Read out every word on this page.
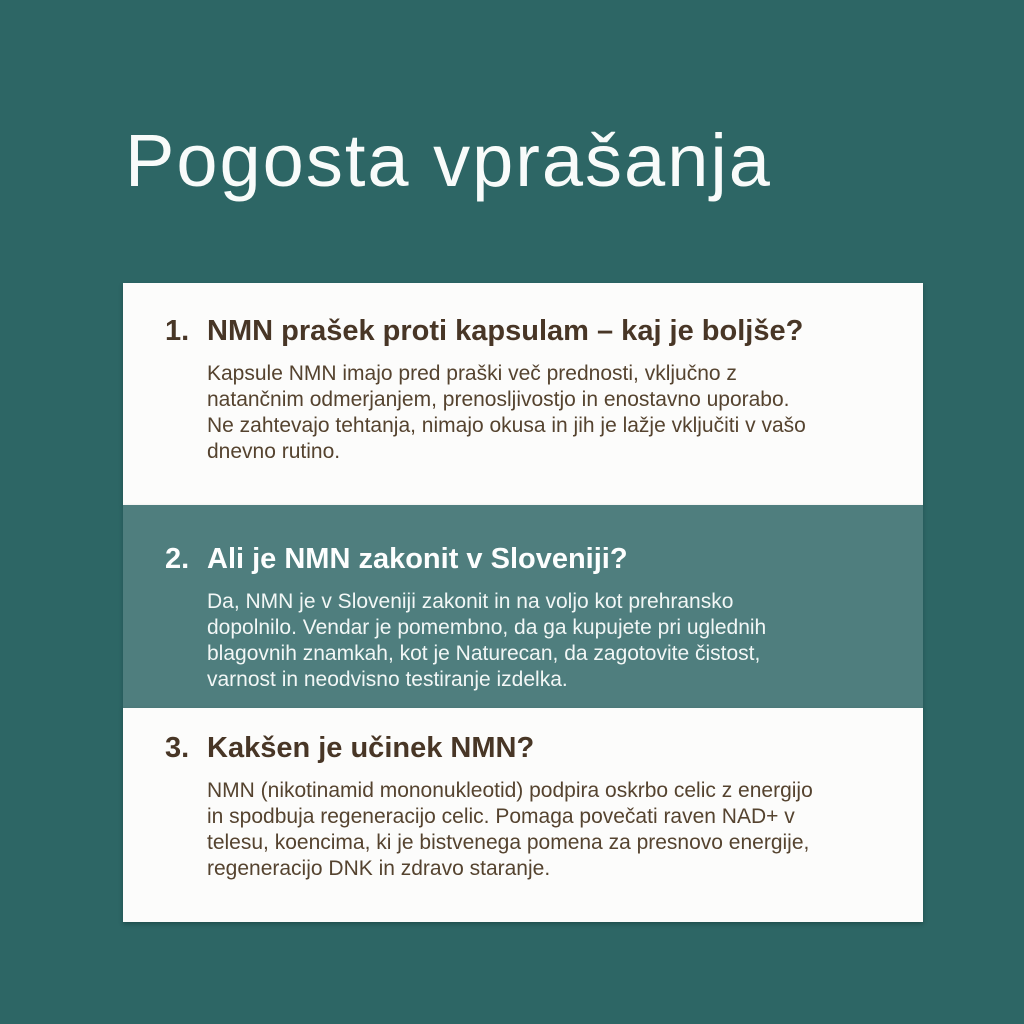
Pogosta vprašanja
1. NMN prašek proti kapsulam – kaj je boljše?

Kapsule NMN imajo pred praški več prednosti, vključno z natančnim odmerjanjem, prenosljivostjo in enostavno uporabo. Ne zahtevajo tehtanja, nimajo okusa in jih je lažje vključiti v vašo dnevno rutino.

2. Ali je NMN zakonit v Sloveniji?

Da, NMN je v Sloveniji zakonit in na voljo kot prehransko dopolnilo. Vendar je pomembno, da ga kupujete pri uglednih blagovnih znamkah, kot je Naturecan, da zagotovite čistost, varnost in neodvisno testiranje izdelka.

3. Kakšen je učinek NMN?

NMN (nikotinamid mononukleotid) podpira oskrbo celic z energijo in spodbuja regeneracijo celic. Pomaga povečati raven NAD+ v telesu, koencima, ki je bistvenega pomena za presnovo energije, regeneracijo DNK in zdravo staranje.
